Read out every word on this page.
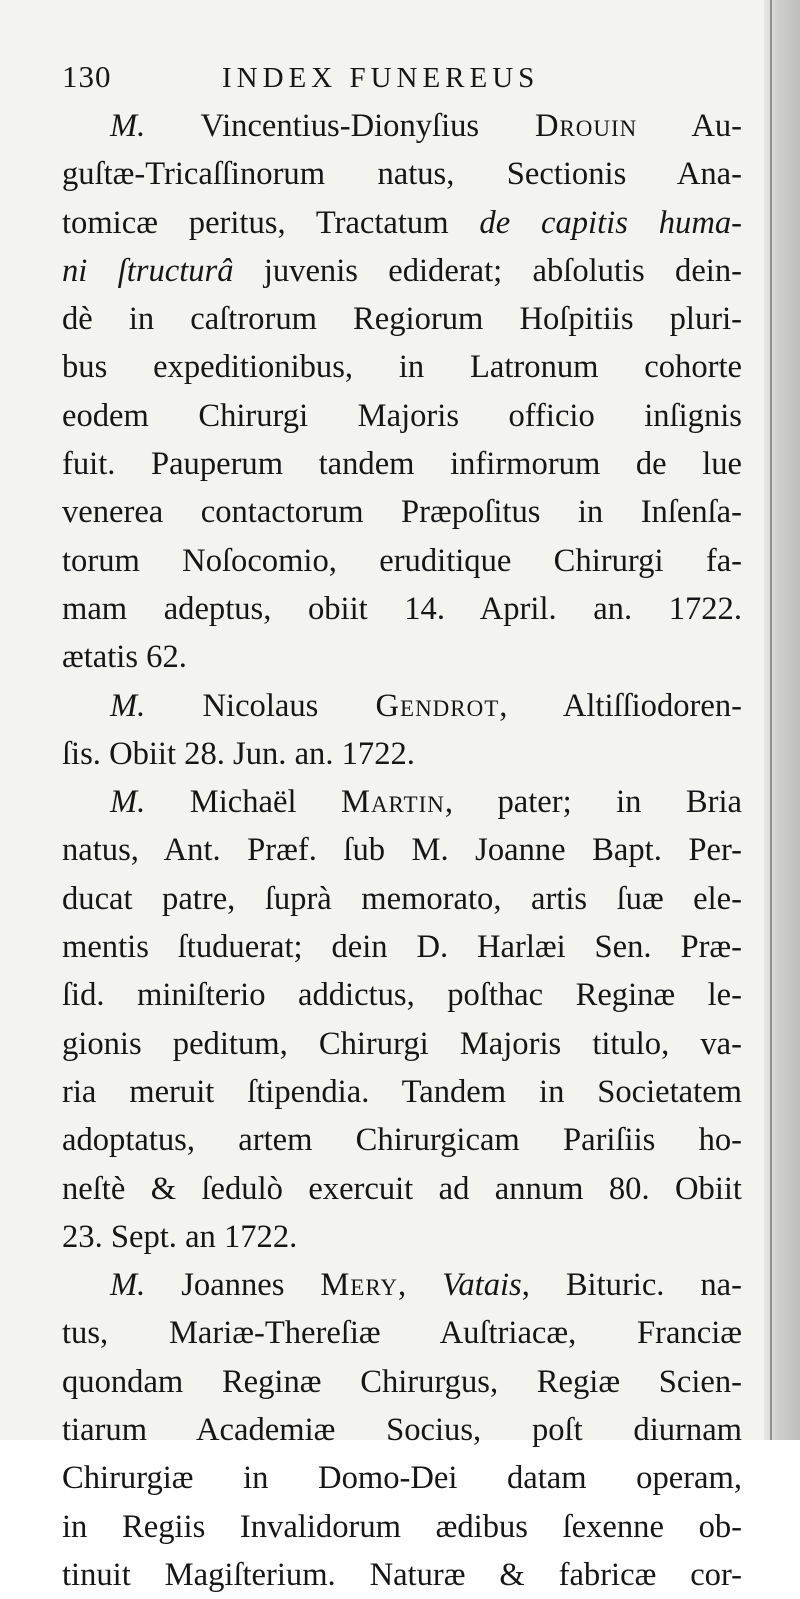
130	INDEX FUNEREUS

M. Vincentius-Dionyſius Drouin Au-
guſtæ-Tricaſſinorum natus, Sectionis Ana-
tomicæ peritus, Tractatum de capitis huma-
ni ſtructurâ juvenis ediderat; abſolutis dein-
dè in caſtrorum Regiorum Hoſpitiis pluri-
bus expeditionibus, in Latronum cohorte
eodem Chirurgi Majoris officio inſignis
fuit. Pauperum tandem infirmorum de lue
venerea contactorum Præpoſitus in Inſenſa-
torum Noſocomio, eruditique Chirurgi fa-
mam adeptus, obiit 14. April. an. 1722.
ætatis 62.

M. Nicolaus Gendrot, Altiſſiodoren-
ſis. Obiit 28. Jun. an. 1722.

M. Michaël Martin, pater; in Bria
natus, Ant. Præf. ſub M. Joanne Bapt. Per-
ducat patre, ſuprà memorato, artis ſuæ ele-
mentis ſtuduerat; dein D. Harlæi Sen. Præ-
ſid. miniſterio addictus, poſthac Reginæ le-
gionis peditum, Chirurgi Majoris titulo, va-
ria meruit ſtipendia. Tandem in Societatem
adoptatus, artem Chirurgicam Pariſiis ho-
neſtè & ſedulò exercuit ad annum 80. Obiit
23. Sept. an 1722.

M. Joannes Mery, Vatais, Bituric. na-
tus, Mariæ-Thereſiæ Auſtriacæ, Franciæ
quondam Reginæ Chirurgus, Regiæ Scien-
tiarum Academiæ Socius, poſt diurnam
Chirurgiæ in Domo-Dei datam operam,
in Regiis Invalidorum ædibus ſexenne ob-
tinuit Magiſterium. Naturæ & fabricæ cor-
